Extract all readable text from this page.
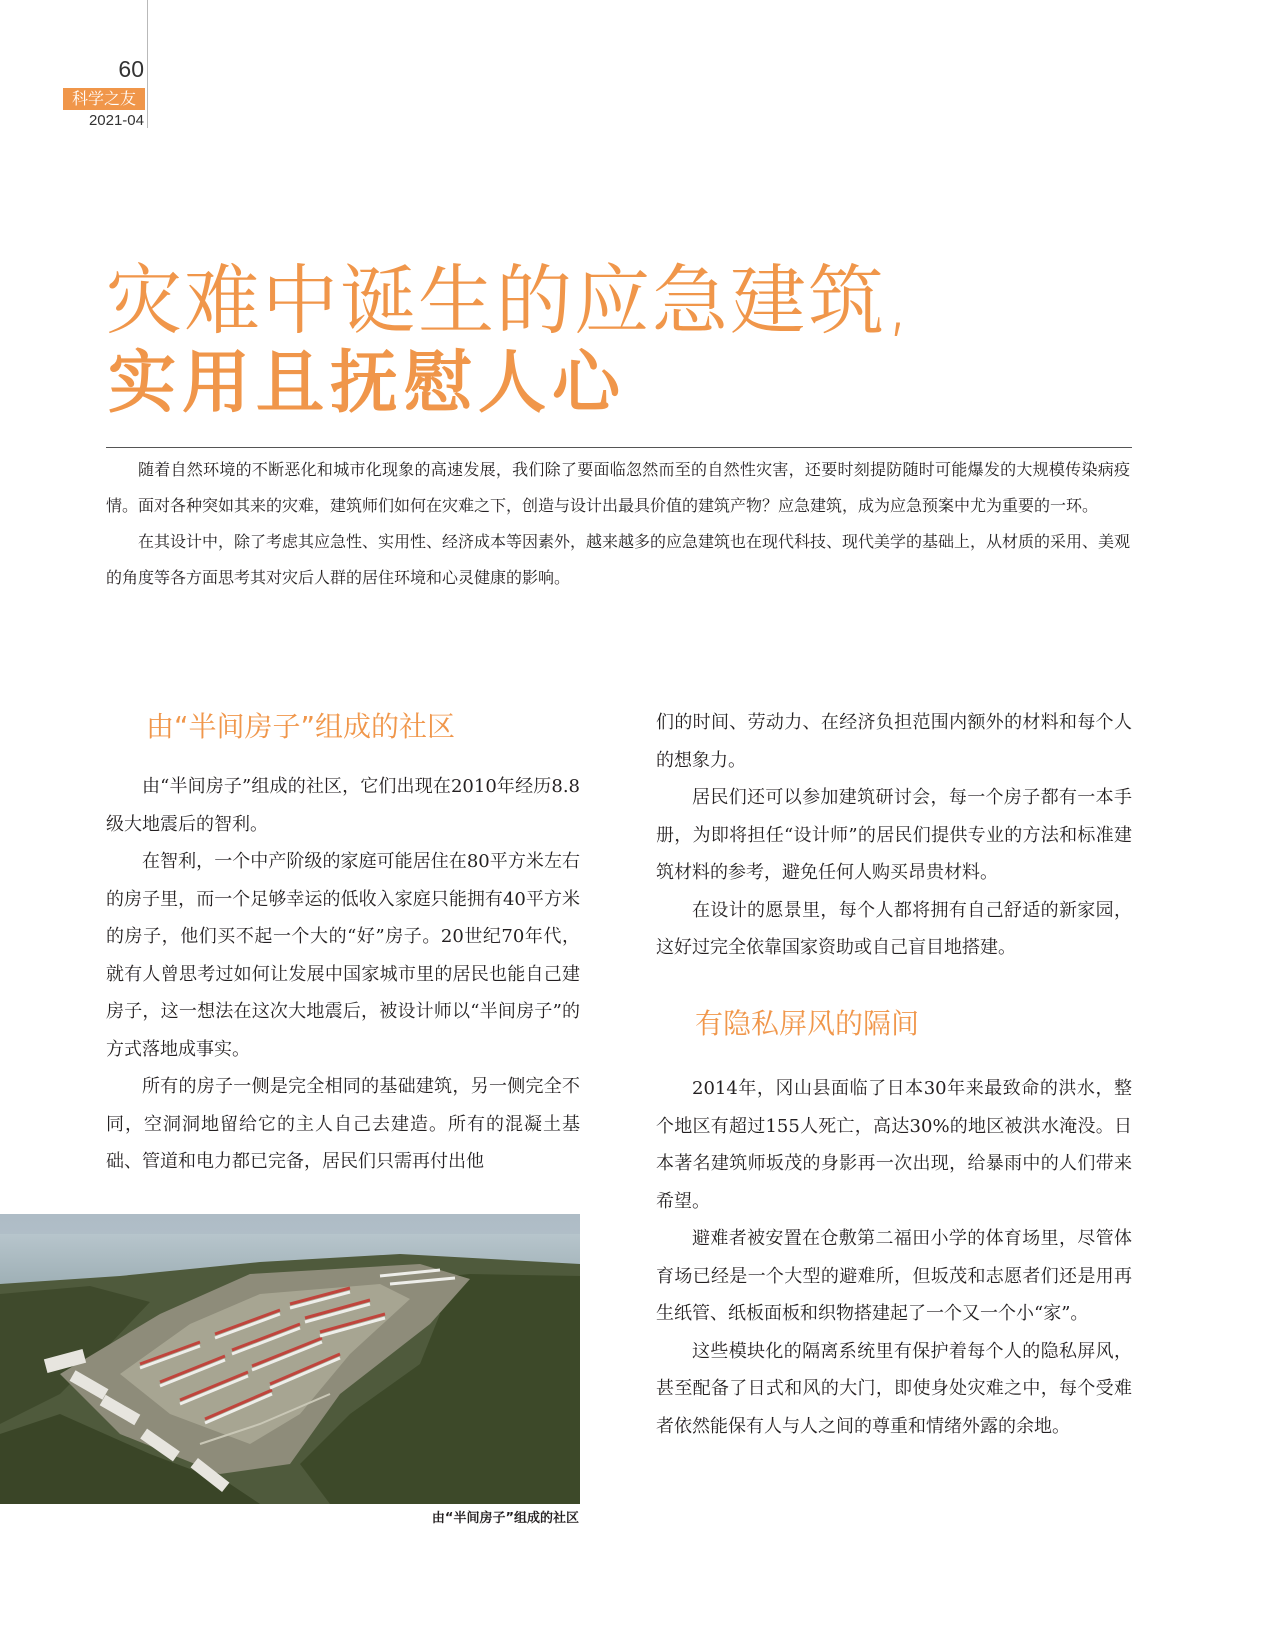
60
科学之友
2021-04
灾难中诞生的应急建筑,
实用且抚慰人心

随着自然环境的不断恶化和城市化现象的高速发展，我们除了要面临忽然而至的自然性灾害，还要时刻提防随时可能爆发的大规模传染病疫情。面对各种突如其来的灾难，建筑师们如何在灾难之下，创造与设计出最具价值的建筑产物？应急建筑，成为应急预案中尤为重要的一环。

在其设计中，除了考虑其应急性、实用性、经济成本等因素外，越来越多的应急建筑也在现代科技、现代美学的基础上，从材质的采用、美观的角度等各方面思考其对灾后人群的居住环境和心灵健康的影响。

由“半间房子”组成的社区

由“半间房子”组成的社区，它们出现在2010年经历8.8级大地震后的智利。

在智利，一个中产阶级的家庭可能居住在80平方米左右的房子里，而一个足够幸运的低收入家庭只能拥有40平方米的房子，他们买不起一个大的“好”房子。20世纪70年代，就有人曾思考过如何让发展中国家城市里的居民也能自己建房子，这一想法在这次大地震后，被设计师以“半间房子”的方式落地成事实。

所有的房子一侧是完全相同的基础建筑，另一侧完全不同，空洞洞地留给它的主人自己去建造。所有的混凝土基础、管道和电力都已完备，居民们只需再付出他

们的时间、劳动力、在经济负担范围内额外的材料和每个人的想象力。

居民们还可以参加建筑研讨会，每一个房子都有一本手册，为即将担任“设计师”的居民们提供专业的方法和标准建筑材料的参考，避免任何人购买昂贵材料。

在设计的愿景里，每个人都将拥有自己舒适的新家园，这好过完全依靠国家资助或自己盲目地搭建。

有隐私屏风的隔间

2014年，冈山县面临了日本30年来最致命的洪水，整个地区有超过155人死亡，高达30%的地区被洪水淹没。日本著名建筑师坂茂的身影再一次出现，给暴雨中的人们带来希望。

避难者被安置在仓敷第二福田小学的体育场里，尽管体育场已经是一个大型的避难所，但坂茂和志愿者们还是用再生纸管、纸板面板和织物搭建起了一个又一个小“家”。

这些模块化的隔离系统里有保护着每个人的隐私屏风，甚至配备了日式和风的大门，即使身处灾难之中，每个受难者依然能保有人与人之间的尊重和情绪外露的余地。

由“半间房子”组成的社区
